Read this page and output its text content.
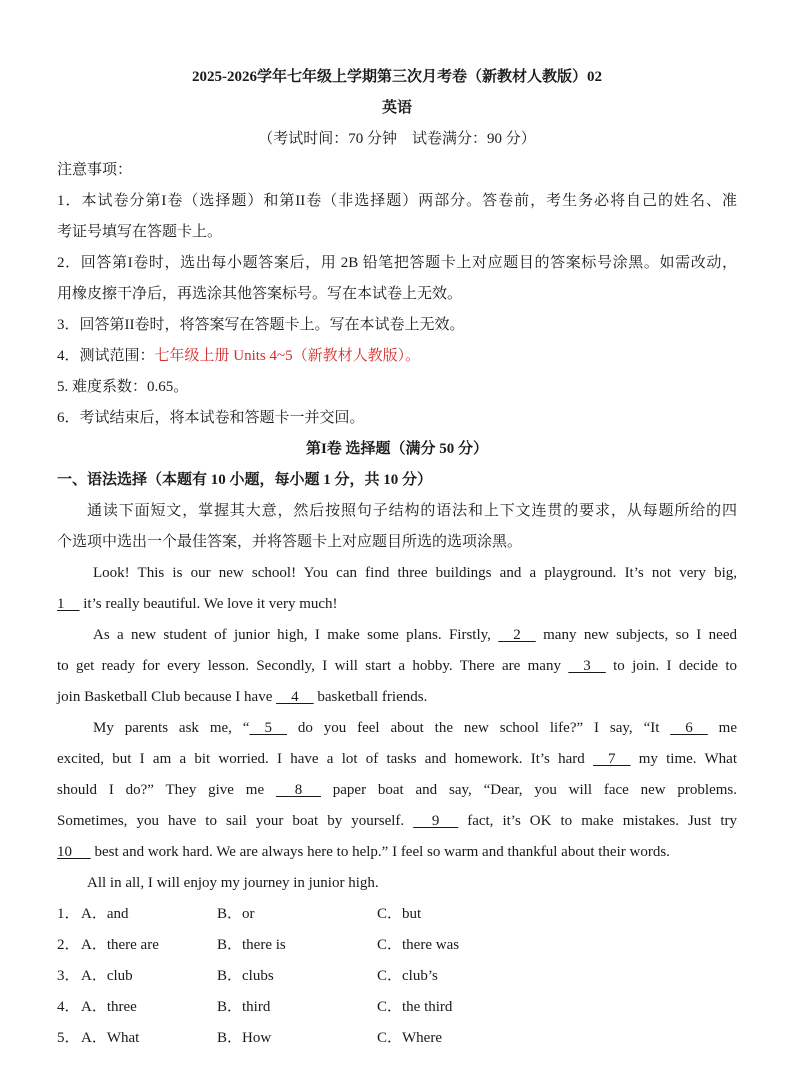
2025-2026学年七年级上学期第三次月考卷（新教材人教版）02
英语
（考试时间：70 分钟　试卷满分：90 分）
注意事项：
1．本试卷分第I卷（选择题）和第II卷（非选择题）两部分。答卷前，考生务必将自己的姓名、准
考证号填写在答题卡上。
2．回答第I卷时，选出每小题答案后，用 2B 铅笔把答题卡上对应题目的答案标号涂黑。如需改动，
用橡皮擦干净后，再选涂其他答案标号。写在本试卷上无效。
3．回答第II卷时，将答案写在答题卡上。写在本试卷上无效。
4．测试范围：七年级上册 Units 4~5（新教材人教版）。
5. 难度系数：0.65。
6．考试结束后，将本试卷和答题卡一并交回。
第I卷 选择题（满分 50 分）
一、语法选择（本题有 10 小题，每小题 1 分，共 10 分）
通读下面短文，掌握其大意，然后按照句子结构的语法和上下文连贯的要求，从每题所给的四
个选项中选出一个最佳答案，并将答题卡上对应题目所选的选项涂黑。
Look! This is our new school! You can find three buildings and a playground. It’s not very big,
1     it’s really beautiful. We love it very much!
As a new student of junior high, I make some plans. Firstly,     2     many new subjects, so I need
to get ready for every lesson. Secondly, I will start a hobby. There are many     3     to join. I decide to
join Basketball Club because I have     4     basketball friends.
My parents ask me, “    5     do you feel about the new school life?” I say, “It     6     me
excited, but I am a bit worried. I have a lot of tasks and homework. It’s hard     7     my time. What
should I do?” They give me      8      paper boat and say, “Dear, you will face new problems.
Sometimes, you have to sail your boat by yourself.      9      fact, it’s OK to make mistakes. Just try
10      best and work hard. We are always here to help.” I feel so warm and thankful about their words.
All in all, I will enjoy my journey in junior high.
1． A．and	B．or	C．but
2． A．there are	B．there is	C．there was
3． A．club	B．clubs	C．club’s
4． A．three	B．third	C．the third
5． A．What	B．How	C．Where
